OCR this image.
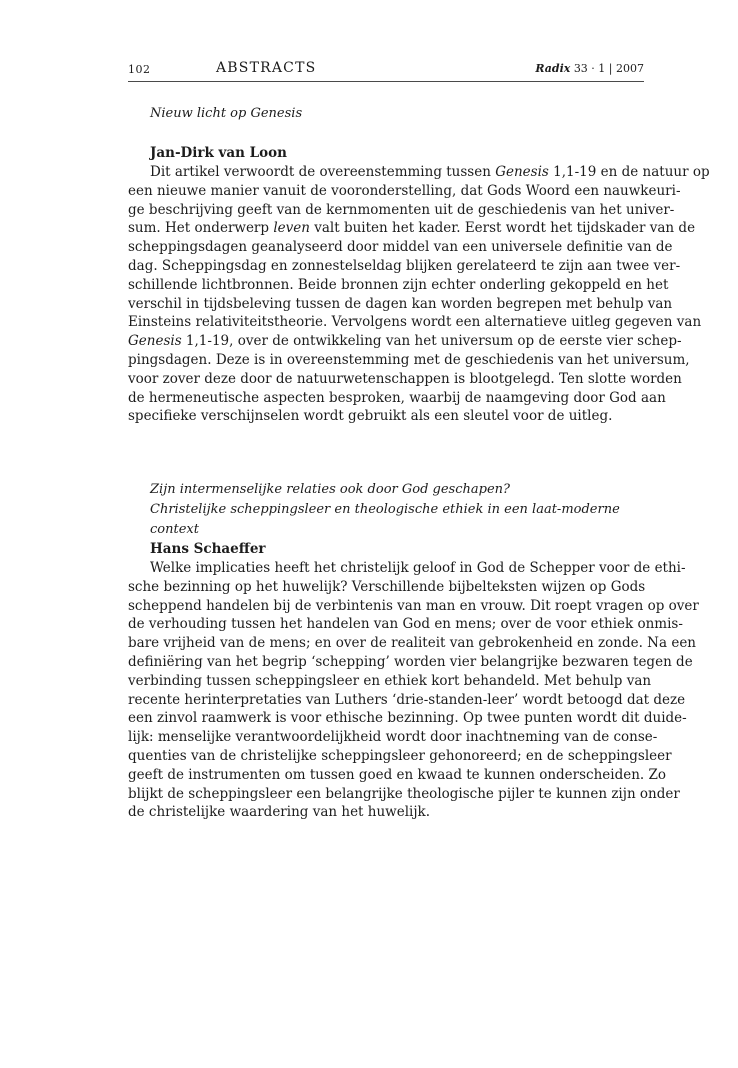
102	ABSTRACTS	Radix 33 · 1 | 2007
Nieuw licht op Genesis
Jan-Dirk van Loon
Dit artikel verwoordt de overeenstemming tussen Genesis 1,1-19 en de natuur op
een nieuwe manier vanuit de vooronderstelling, dat Gods Woord een nauwkeuri-
ge beschrijving geeft van de kernmomenten uit de geschiedenis van het univer-
sum. Het onderwerp leven valt buiten het kader. Eerst wordt het tijdskader van de
scheppingsdagen geanalyseerd door middel van een universele definitie van de
dag. Scheppingsdag en zonnestelseldag blijken gerelateerd te zijn aan twee ver-
schillende lichtbronnen. Beide bronnen zijn echter onderling gekoppeld en het
verschil in tijdsbeleving tussen de dagen kan worden begrepen met behulp van
Einsteins relativiteitstheorie. Vervolgens wordt een alternatieve uitleg gegeven van
Genesis 1,1-19, over de ontwikkeling van het universum op de eerste vier schep-
pingsdagen. Deze is in overeenstemming met de geschiedenis van het universum,
voor zover deze door de natuurwetenschappen is blootgelegd. Ten slotte worden
de hermeneutische aspecten besproken, waarbij de naamgeving door God aan
specifieke verschijnselen wordt gebruikt als een sleutel voor de uitleg.
Zijn intermenselijke relaties ook door God geschapen?
Christelijke scheppingsleer en theologische ethiek in een laat-moderne context
Hans Schaeffer
Welke implicaties heeft het christelijk geloof in God de Schepper voor de ethi-
sche bezinning op het huwelijk? Verschillende bijbelteksten wijzen op Gods
scheppend handelen bij de verbintenis van man en vrouw. Dit roept vragen op over
de verhouding tussen het handelen van God en mens; over de voor ethiek onmis-
bare vrijheid van de mens; en over de realiteit van gebrokenheid en zonde. Na een
definiëring van het begrip ‘schepping’ worden vier belangrijke bezwaren tegen de
verbinding tussen scheppingsleer en ethiek kort behandeld. Met behulp van
recente herinterpretaties van Luthers ‘drie-standen-leer’ wordt betoogd dat deze
een zinvol raamwerk is voor ethische bezinning. Op twee punten wordt dit duide-
lijk: menselijke verantwoordelijkheid wordt door inachtneming van de conse-
quenties van de christelijke scheppingsleer gehonoreerd; en de scheppingsleer
geeft de instrumenten om tussen goed en kwaad te kunnen onderscheiden. Zo
blijkt de scheppingsleer een belangrijke theologische pijler te kunnen zijn onder
de christelijke waardering van het huwelijk.
